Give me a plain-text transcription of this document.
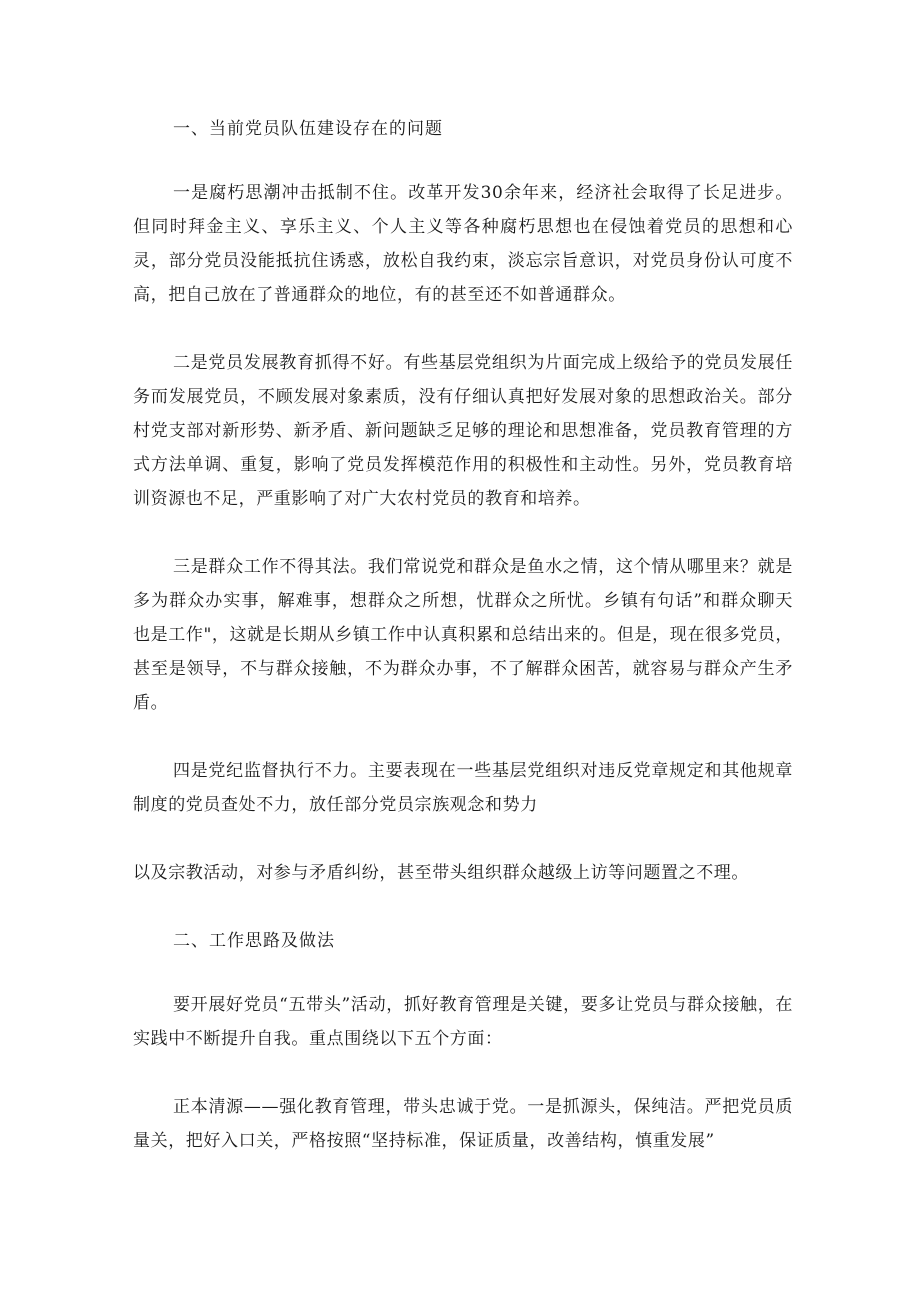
一、当前党员队伍建设存在的问题

一是腐朽思潮冲击抵制不住。改革开发30余年来，经济社会取得了长足进步。但同时拜金主义、享乐主义、个人主义等各种腐朽思想也在侵蚀着党员的思想和心灵，部分党员没能抵抗住诱惑，放松自我约束，淡忘宗旨意识，对党员身份认可度不高，把自己放在了普通群众的地位，有的甚至还不如普通群众。

二是党员发展教育抓得不好。有些基层党组织为片面完成上级给予的党员发展任务而发展党员，不顾发展对象素质，没有仔细认真把好发展对象的思想政治关。部分村党支部对新形势、新矛盾、新问题缺乏足够的理论和思想准备，党员教育管理的方式方法单调、重复，影响了党员发挥模范作用的积极性和主动性。另外，党员教育培训资源也不足，严重影响了对广大农村党员的教育和培养。

三是群众工作不得其法。我们常说党和群众是鱼水之情，这个情从哪里来？就是多为群众办实事，解难事，想群众之所想，忧群众之所忧。乡镇有句话”和群众聊天也是工作"，这就是长期从乡镇工作中认真积累和总结出来的。但是，现在很多党员，甚至是领导，不与群众接触，不为群众办事，不了解群众困苦，就容易与群众产生矛盾。

四是党纪监督执行不力。主要表现在一些基层党组织对违反党章规定和其他规章制度的党员查处不力，放任部分党员宗族观念和势力

以及宗教活动，对参与矛盾纠纷，甚至带头组织群众越级上访等问题置之不理。

二、工作思路及做法

要开展好党员“五带头”活动，抓好教育管理是关键，要多让党员与群众接触，在实践中不断提升自我。重点围绕以下五个方面：

正本清源——强化教育管理，带头忠诚于党。一是抓源头，保纯洁。严把党员质量关，把好入口关，严格按照“坚持标准，保证质量，改善结构，慎重发展”
